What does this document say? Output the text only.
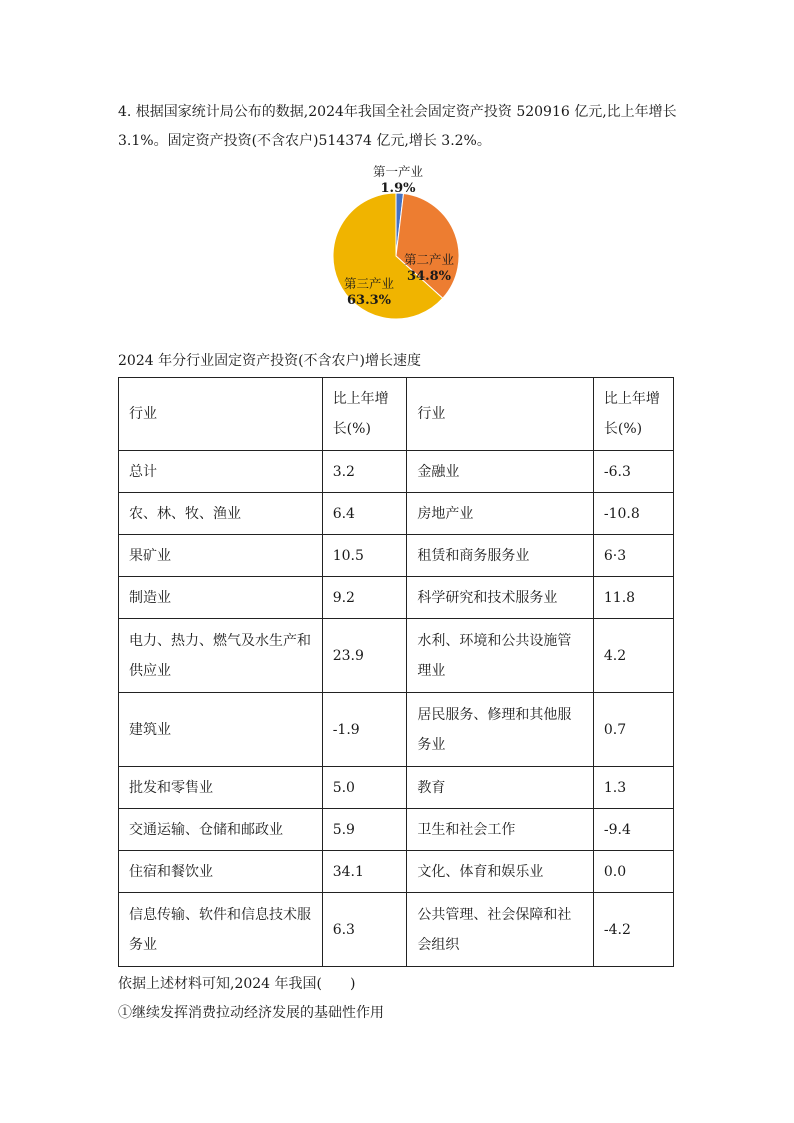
4. 根据国家统计局公布的数据,2024年我国全社会固定资产投资 520916 亿元,比上年增长 3.1%。固定资产投资(不含农户)514374 亿元,增长 3.2%。

第一产业
1.9%
第二产业
34.8%
第三产业
63.3%

2024 年分行业固定资产投资(不含农户)增长速度

行业	比上年增长(%)	行业	比上年增长(%)
总计	3.2	金融业	-6.3
农、林、牧、渔业	6.4	房地产业	-10.8
果矿业	10.5	租赁和商务服务业	6·3
制造业	9.2	科学研究和技术服务业	11.8
电力、热力、燃气及水生产和供应业	23.9	水利、环境和公共设施管理业	4.2
建筑业	-1.9	居民服务、修理和其他服务业	0.7
批发和零售业	5.0	教育	1.3
交通运输、仓储和邮政业	5.9	卫生和社会工作	-9.4
住宿和餐饮业	34.1	文化、体育和娱乐业	0.0
信息传输、软件和信息技术服务业	6.3	公共管理、社会保障和社会组织	-4.2

依据上述材料可知,2024 年我国(　　)

①继续发挥消费拉动经济发展的基础性作用
